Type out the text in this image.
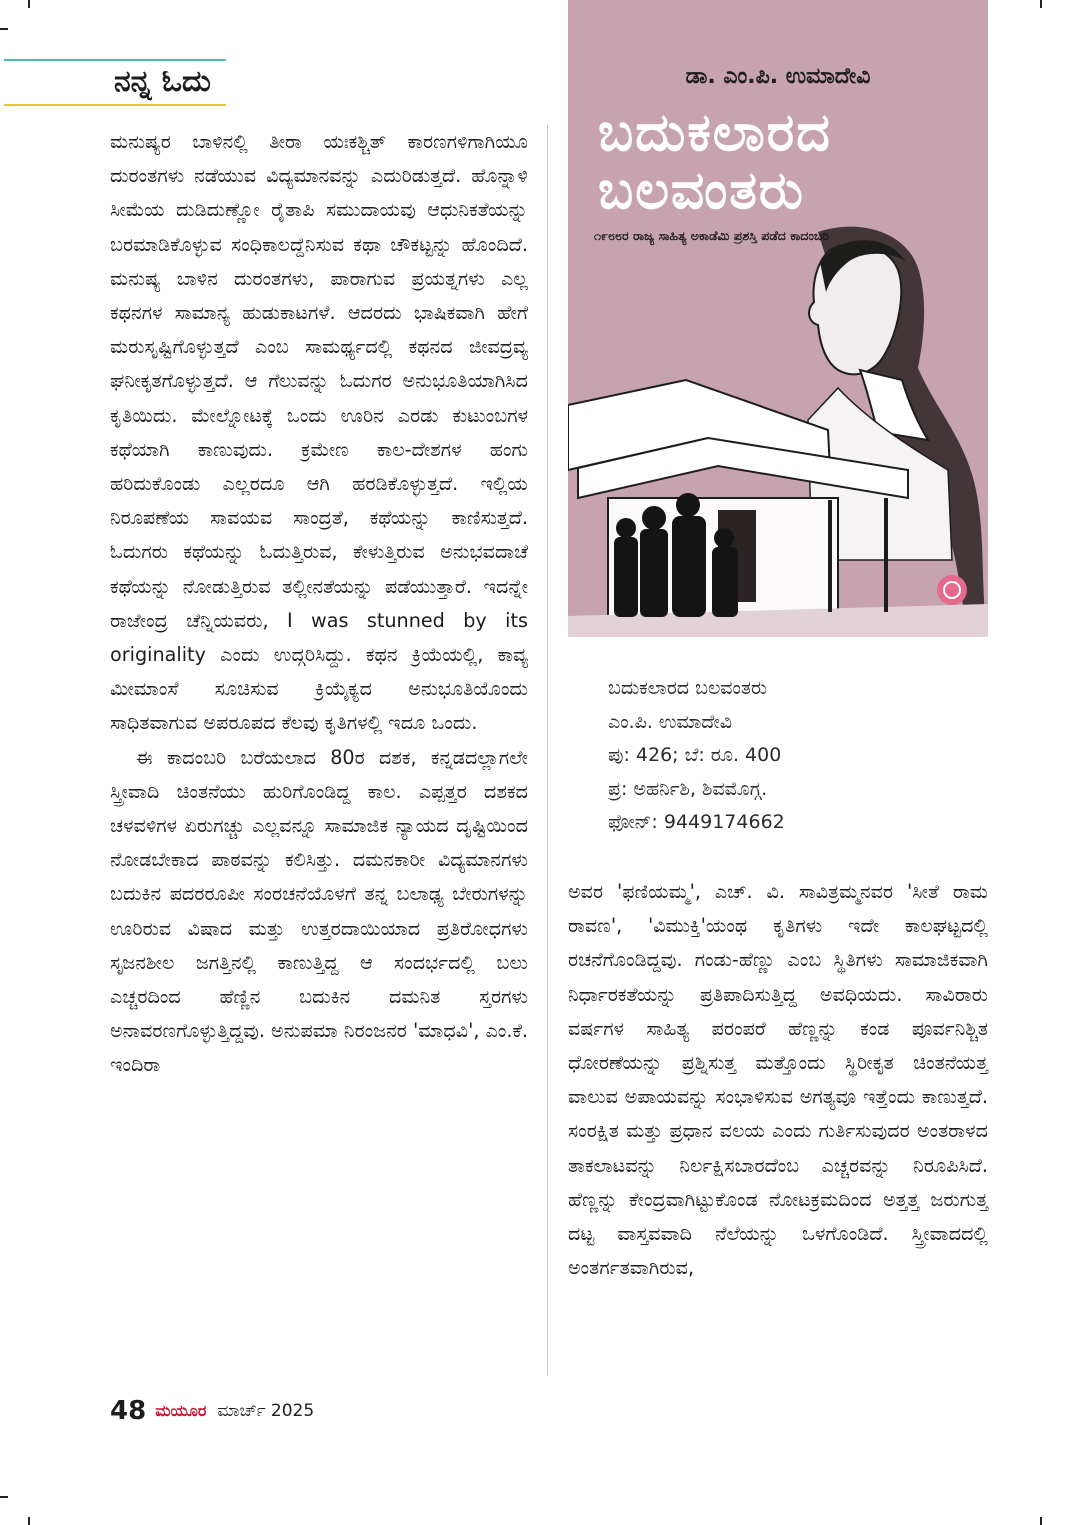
ನನ್ನ ಓದು

ಮನುಷ್ಯರ ಬಾಳಿನಲ್ಲಿ ತೀರಾ ಯಃಕಶ್ಚಿತ್ ಕಾರಣಗಳಿಗಾಗಿಯೂ ದುರಂತಗಳು ನಡೆಯುವ ವಿದ್ಯಮಾನವನ್ನು ಎದುರಿಡುತ್ತದೆ. ಹೊನ್ನಾಳಿ ಸೀಮೆಯ ದುಡಿದುಣ್ಣೋ ರೈತಾಪಿ ಸಮುದಾಯವು ಆಧುನಿಕತೆಯನ್ನು ಬರಮಾಡಿಕೊಳ್ಳುವ ಸಂಧಿಕಾಲದ್ದೆನಿಸುವ ಕಥಾ ಚೌಕಟ್ಟನ್ನು ಹೊಂದಿದೆ. ಮನುಷ್ಯ ಬಾಳಿನ ದುರಂತಗಳು, ಪಾರಾಗುವ ಪ್ರಯತ್ನಗಳು ಎಲ್ಲ ಕಥನಗಳ ಸಾಮಾನ್ಯ ಹುಡುಕಾಟಗಳೆ. ಆದರದು ಭಾಷಿಕವಾಗಿ ಹೇಗೆ ಮರುಸೃಷ್ಟಿಗೊಳ್ಳುತ್ತದೆ ಎಂಬ ಸಾಮರ್ಥ್ಯದಲ್ಲಿ ಕಥನದ ಜೀವದ್ರವ್ಯ ಘನೀಕೃತಗೊಳ್ಳುತ್ತದೆ. ಆ ಗೆಲುವನ್ನು ಓದುಗರ ಅನುಭೂತಿಯಾಗಿಸಿದ ಕೃತಿಯಿದು. ಮೇಲ್ನೋಟಕ್ಕೆ ಒಂದು ಊರಿನ ಎರಡು ಕುಟುಂಬಗಳ ಕಥೆಯಾಗಿ ಕಾಣುವುದು. ಕ್ರಮೇಣ ಕಾಲ-ದೇಶಗಳ ಹಂಗು ಹರಿದುಕೊಂಡು ಎಲ್ಲರದೂ ಆಗಿ ಹರಡಿಕೊಳ್ಳುತ್ತದೆ. ಇಲ್ಲಿಯ ನಿರೂಪಣೆಯ ಸಾವಯವ ಸಾಂದ್ರತೆ, ಕಥೆಯನ್ನು ಕಾಣಿಸುತ್ತದೆ. ಓದುಗರು ಕಥೆಯನ್ನು ಓದುತ್ತಿರುವ, ಕೇಳುತ್ತಿರುವ ಅನುಭವದಾಚೆ ಕಥೆಯನ್ನು ನೋಡುತ್ತಿರುವ ತಲ್ಲೀನತೆಯನ್ನು ಪಡೆಯುತ್ತಾರೆ. ಇದನ್ನೇ ರಾಜೇಂದ್ರ ಚೆನ್ನಿಯವರು, I was stunned by its originality ಎಂದು ಉದ್ಗರಿಸಿದ್ದು. ಕಥನ ಕ್ರಿಯೆಯಲ್ಲಿ, ಕಾವ್ಯ ಮೀಮಾಂಸೆ ಸೂಚಿಸುವ ಕ್ರಿಯೈಕ್ಯದ ಅನುಭೂತಿಯೊಂದು ಸಾಧಿತವಾಗುವ ಅಪರೂಪದ ಕೆಲವು ಕೃತಿಗಳಲ್ಲಿ ಇದೂ ಒಂದು.

ಈ ಕಾದಂಬರಿ ಬರೆಯಲಾದ 80ರ ದಶಕ, ಕನ್ನಡದಲ್ಲಾಗಲೇ ಸ್ತ್ರೀವಾದಿ ಚಿಂತನೆಯು ಹುರಿಗೊಂಡಿದ್ದ ಕಾಲ. ಎಪ್ಪತ್ತರ ದಶಕದ ಚಳವಳಿಗಳ ಏರುಗಚ್ಚು ಎಲ್ಲವನ್ನೂ ಸಾಮಾಜಿಕ ನ್ಯಾಯದ ದೃಷ್ಟಿಯಿಂದ ನೋಡಬೇಕಾದ ಪಾಠವನ್ನು ಕಲಿಸಿತ್ತು. ದಮನಕಾರೀ ವಿದ್ಯಮಾನಗಳು ಬದುಕಿನ ಪದರರೂಪೀ ಸಂರಚನೆಯೊಳಗೆ ತನ್ನ ಬಲಾಢ್ಯ ಬೇರುಗಳನ್ನು ಊರಿರುವ ವಿಷಾದ ಮತ್ತು ಉತ್ತರದಾಯಿಯಾದ ಪ್ರತಿರೋಧಗಳು ಸೃಜನಶೀಲ ಜಗತ್ತಿನಲ್ಲಿ ಕಾಣುತ್ತಿದ್ದ ಆ ಸಂದರ್ಭದಲ್ಲಿ ಬಲು ಎಚ್ಚರದಿಂದ ಹೆಣ್ಣಿನ ಬದುಕಿನ ದಮನಿತ ಸ್ತರಗಳು ಅನಾವರಣಗೊಳ್ಳುತ್ತಿದ್ದವು. ಅನುಪಮಾ ನಿರಂಜನರ 'ಮಾಧವಿ', ಎಂ.ಕೆ. ಇಂದಿರಾ

ಡಾ. ಎಂ.ಪಿ. ಉಮಾದೇವಿ
ಬದುಕಲಾರದ
ಬಲವಂತರು
೧೯೮೮ರ ರಾಜ್ಯ ಸಾಹಿತ್ಯ ಅಕಾಡೆಮಿ ಪ್ರಶಸ್ತಿ ಪಡೆದ ಕಾದಂಬರಿ
ಬದುಕಲಾರದ ಬಲವಂತರು
ಎಂ.ಪಿ. ಉಮಾದೇವಿ
ಪು: 426; ಬೆ: ರೂ. 400
ಪ್ರ: ಅಹರ್ನಿಶಿ, ಶಿವಮೊಗ್ಗ.
ಫೋನ್: 9449174662

ಅವರ 'ಫಣಿಯಮ್ಮ', ಎಚ್. ವಿ. ಸಾವಿತ್ರಮ್ಮನವರ 'ಸೀತೆ ರಾಮ ರಾವಣ', 'ವಿಮುಕ್ತಿ'ಯಂಥ ಕೃತಿಗಳು ಇದೇ ಕಾಲಘಟ್ಟದಲ್ಲಿ ರಚನೆಗೊಂಡಿದ್ದವು. ಗಂಡು-ಹೆಣ್ಣು ಎಂಬ ಸ್ಥಿತಿಗಳು ಸಾಮಾಜಿಕವಾಗಿ ನಿರ್ಧಾರಕತೆಯನ್ನು ಪ್ರತಿಪಾದಿಸುತ್ತಿದ್ದ ಅವಧಿಯದು. ಸಾವಿರಾರು ವರ್ಷಗಳ ಸಾಹಿತ್ಯ ಪರಂಪರೆ ಹೆಣ್ಣನ್ನು ಕಂಡ ಪೂರ್ವನಿಶ್ಚಿತ ಧೋರಣೆಯನ್ನು ಪ್ರಶ್ನಿಸುತ್ತ ಮತ್ತೊಂದು ಸ್ಥಿರೀಕೃತ ಚಿಂತನೆಯತ್ತ ವಾಲುವ ಅಪಾಯವನ್ನು ಸಂಭಾಳಿಸುವ ಅಗತ್ಯವೂ ಇತ್ತೆಂದು ಕಾಣುತ್ತದೆ. ಸಂರಕ್ಷಿತ ಮತ್ತು ಪ್ರಧಾನ ವಲಯ ಎಂದು ಗುರ್ತಿಸುವುದರ ಅಂತರಾಳದ ತಾಕಲಾಟವನ್ನು ನಿರ್ಲಕ್ಷಿಸಬಾರದೆಂಬ ಎಚ್ಚರವನ್ನು ನಿರೂಪಿಸಿದೆ. ಹೆಣ್ಣನ್ನು ಕೇಂದ್ರವಾಗಿಟ್ಟುಕೊಂಡ ನೋಟಕ್ರಮದಿಂದ ಅತ್ತತ್ತ ಜರುಗುತ್ತ ದಟ್ಟ ವಾಸ್ತವವಾದಿ ನೆಲೆಯನ್ನು ಒಳಗೊಂಡಿದೆ. ಸ್ತ್ರೀವಾದದಲ್ಲಿ ಅಂತರ್ಗತವಾಗಿರುವ,

48 ಮಯೂರ ಮಾರ್ಚ್ 2025
